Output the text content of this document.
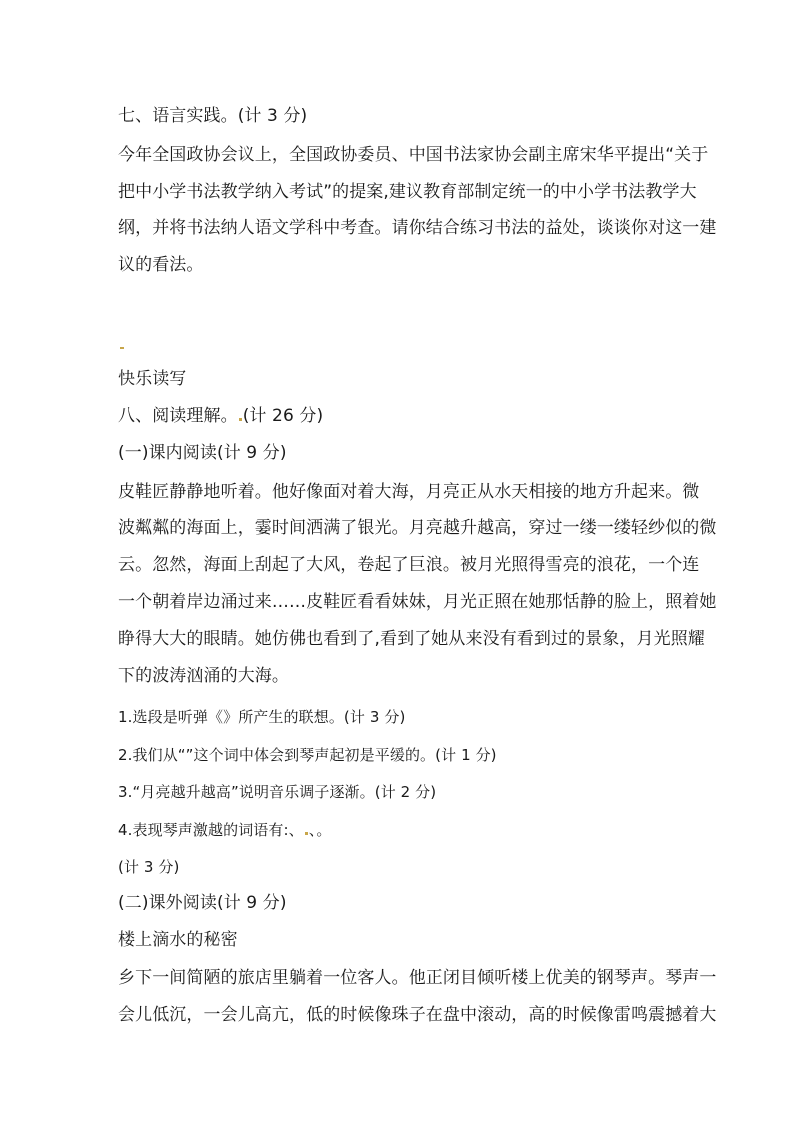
七、语言实践。(计 3 分)
今年全国政协会议上，全国政协委员、中国书法家协会副主席宋华平提出“关于
把中小学书法教学纳入考试”的提案,建议教育部制定统一的中小学书法教学大
纲，并将书法纳人语文学科中考查。请你结合练习书法的益处，谈谈你对这一建
议的看法。
快乐读写
八、阅读理解。 (计 26 分)
(一)课内阅读(计 9 分)
皮鞋匠静静地听着。他好像面对着大海，月亮正从水天相接的地方升起来。微
波粼粼的海面上，霎时间洒满了银光。月亮越升越高，穿过一缕一缕轻纱似的微
云。忽然，海面上刮起了大风，卷起了巨浪。被月光照得雪亮的浪花，一个连
一个朝着岸边涌过来……皮鞋匠看看妹妹，月光正照在她那恬静的脸上，照着她
睁得大大的眼睛。她仿佛也看到了,看到了她从来没有看到过的景象，月光照耀
下的波涛汹涌的大海。
1.选段是听弹《》所产生的联想。(计 3 分)
2.我们从“”这个词中体会到琴声起初是平缓的。(计 1 分)
3.“月亮越升越高”说明音乐调子逐渐。(计 2 分)
4.表现琴声激越的词语有:、 、。
(计 3 分)
(二)课外阅读(计 9 分)
楼上滴水的秘密
乡下一间简陋的旅店里躺着一位客人。他正闭目倾听楼上优美的钢琴声。琴声一
会儿低沉，一会儿高亢，低的时候像珠子在盘中滚动，高的时候像雷鸣震撼着大
